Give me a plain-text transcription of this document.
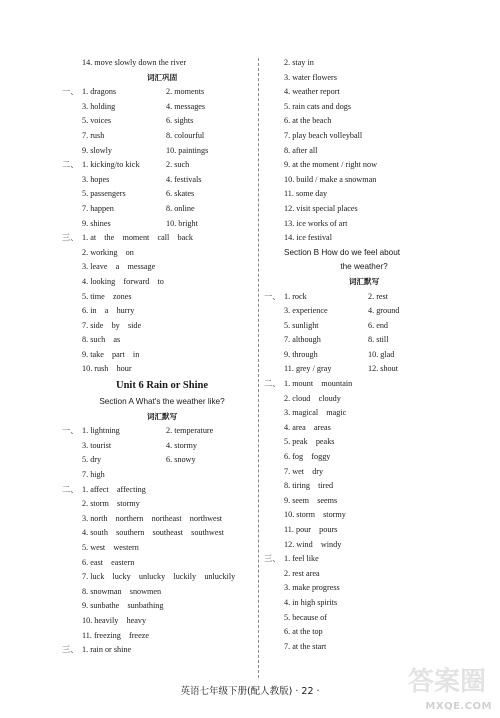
14. move slowly down the river
词汇巩固
一、 1. dragons	2. moments
3. holding	4. messages
5. voices	6. sights
7. rush	8. colourful
9. slowly	10. paintings
二、 1. kicking/to kick	2. such
3. hopes	4. festivals
5. passengers	6. skates
7. happen	8. online
9. shines	10. bright
三、 1. at    the    moment    call    back
2. working    on
3. leave    a    message
4. looking    forward    to
5. time    zones
6. in    a    hurry
7. side    by    side
8. such    as
9. take    part    in
10. rush    hour
Unit 6 Rain or Shine
Section A What's the weather like?
词汇默写
一、 1. lightning	2. temperature
3. tourist	4. stormy
5. dry	6. snowy
7. high
二、 1. affect    affecting
2. storm    stormy
3. north    northern    northeast    northwest
4. south    southern    southeast    southwest
5. west    western
6. east    eastern
7. luck    lucky    unlucky    luckily    unluckily
8. snowman    snowmen
9. sunbathe    sunbathing
10. heavily    heavy
11. freezing    freeze
三、 1. rain or shine
2. stay in
3. water flowers
4. weather report
5. rain cats and dogs
6. at the beach
7. play beach volleyball
8. after all
9. at the moment / right now
10. build / make a snowman
11. some day
12. visit special places
13. ice works of art
14. ice festival
Section B How do we feel about
the weather?
词汇默写
一、 1. rock	2. rest
3. experience	4. ground
5. sunlight	6. end
7. although	8. still
9. through	10. glad
11. grey / gray	12. shout
二、 1. mount    mountain
2. cloud    cloudy
3. magical    magic
4. area    areas
5. peak    peaks
6. fog    foggy
7. wet    dry
8. tiring    tired
9. seem    seems
10. storm    stormy
11. pour    pours
12. wind    windy
三、 1. feel like
2. rest area
3. make progress
4. in high spirits
5. because of
6. at the top
7. at the start
英语七年级下册(配人教版) · 22 ·	答案圈
MXQE.COM
